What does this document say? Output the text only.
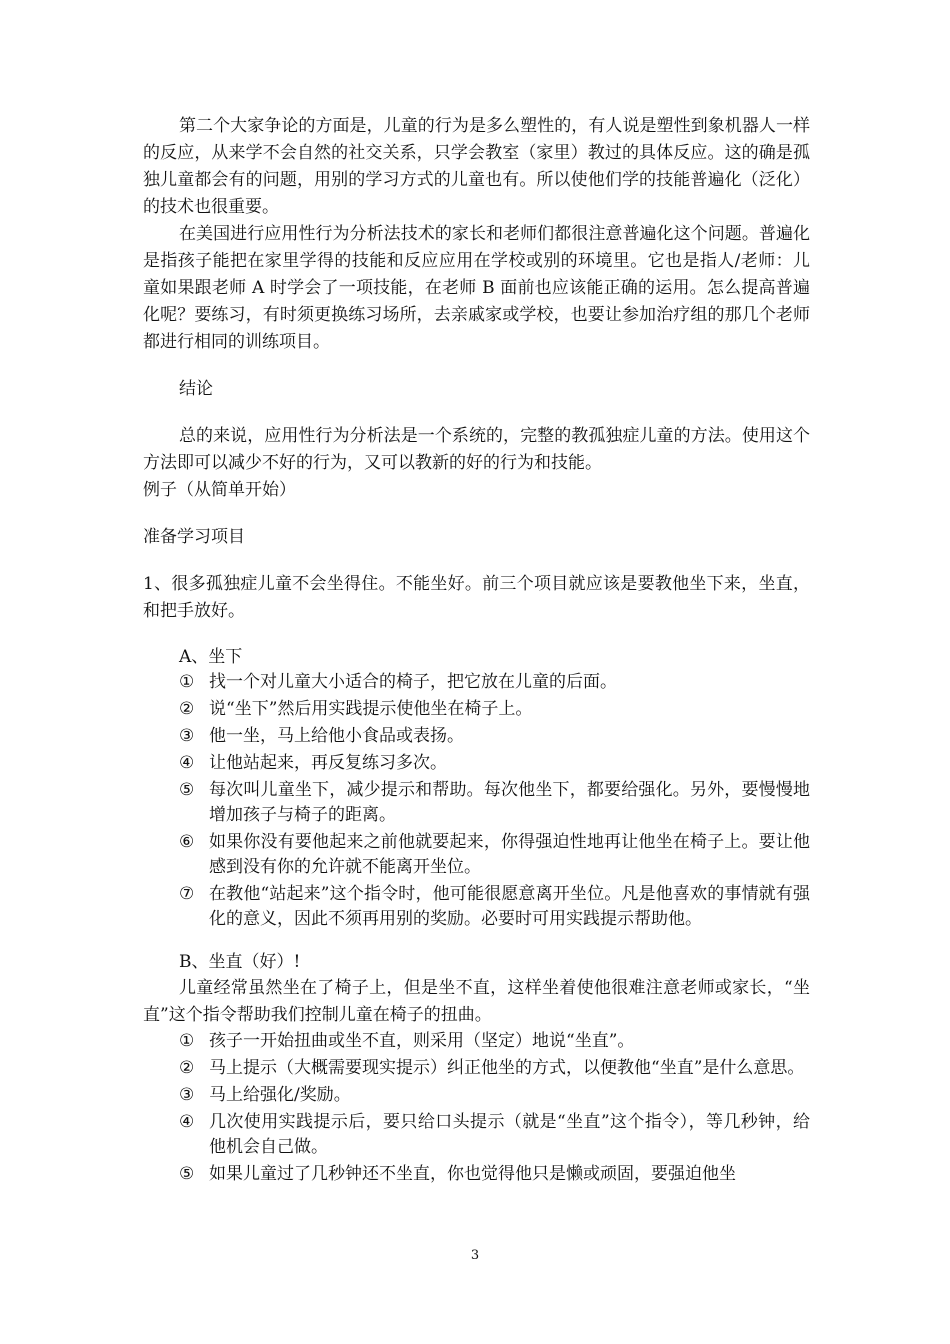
第二个大家争论的方面是，儿童的行为是多么塑性的，有人说是塑性到象机器人一样的反应，从来学不会自然的社交关系，只学会教室（家里）教过的具体反应。这的确是孤独儿童都会有的问题，用别的学习方式的儿童也有。所以使他们学的技能普遍化（泛化）的技术也很重要。

在美国进行应用性行为分析法技术的家长和老师们都很注意普遍化这个问题。普遍化是指孩子能把在家里学得的技能和反应应用在学校或别的环境里。它也是指人/老师：儿童如果跟老师 A 时学会了一项技能，在老师 B 面前也应该能正确的运用。怎么提高普遍化呢？要练习，有时须更换练习场所，去亲戚家或学校，也要让参加治疗组的那几个老师都进行相同的训练项目。

结论

总的来说，应用性行为分析法是一个系统的，完整的教孤独症儿童的方法。使用这个方法即可以减少不好的行为，又可以教新的好的行为和技能。

例子（从简单开始）

准备学习项目

1、很多孤独症儿童不会坐得住。不能坐好。前三个项目就应该是要教他坐下来，坐直，和把手放好。

A、坐下

① 找一个对儿童大小适合的椅子，把它放在儿童的后面。
② 说“坐下”然后用实践提示使他坐在椅子上。
③ 他一坐，马上给他小食品或表扬。
④ 让他站起来，再反复练习多次。
⑤ 每次叫儿童坐下，减少提示和帮助。每次他坐下，都要给强化。另外，要慢慢地增加孩子与椅子的距离。
⑥ 如果你没有要他起来之前他就要起来，你得强迫性地再让他坐在椅子上。要让他感到没有你的允许就不能离开坐位。
⑦ 在教他“站起来”这个指令时，他可能很愿意离开坐位。凡是他喜欢的事情就有强化的意义，因此不须再用别的奖励。必要时可用实践提示帮助他。

B、坐直（好）!

儿童经常虽然坐在了椅子上，但是坐不直，这样坐着使他很难注意老师或家长，“坐直”这个指令帮助我们控制儿童在椅子的扭曲。

① 孩子一开始扭曲或坐不直，则采用（坚定）地说“坐直”。
② 马上提示（大概需要现实提示）纠正他坐的方式，以便教他“坐直”是什么意思。
③ 马上给强化/奖励。
④ 几次使用实践提示后，要只给口头提示（就是“坐直”这个指令），等几秒钟，给他机会自己做。
⑤ 如果儿童过了几秒钟还不坐直，你也觉得他只是懒或顽固，要强迫他坐
3
